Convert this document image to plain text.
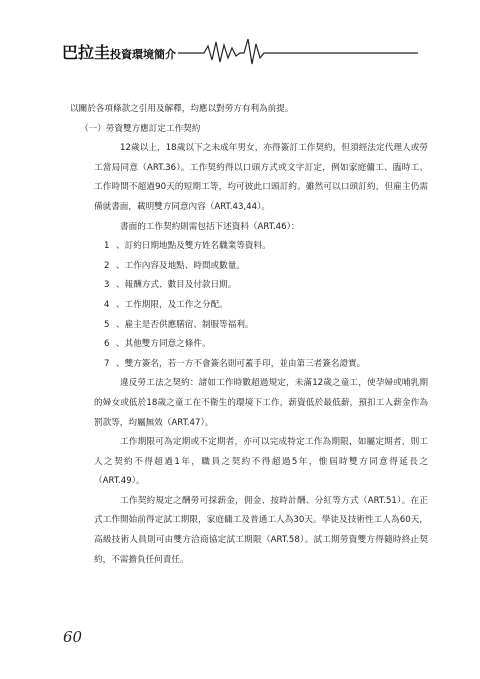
巴拉圭投資環境簡介

以關於各項條款之引用及解釋，均應以對勞方有利為前提。

（一）勞資雙方應訂定工作契約

12歲以上，18歲以下之未成年男女，亦得簽訂工作契約，但須經法定代理人或勞工當局同意（ART.36）。工作契約得以口頭方式或文字訂定，例如家庭傭工、臨時工、工作時間不超過90天的短期工等，均可彼此口頭訂約。雖然可以口頭訂約，但雇主仍需備就書面，載明雙方同意內容（ART.43,44）。

書面的工作契約則需包括下述資料（ART.46）：

1 、訂約日期地點及雙方姓名職業等資料。

2 、工作內容及地點、時間或數量。

3 、報酬方式、數目及付款日期。

4 、工作期限，及工作之分配。

5 、雇主是否供應膳宿、制服等福利。

6 、其他雙方同意之條件。

7 、雙方簽名，若一方不會簽名則可蓋手印，並由第三者簽名證實。

違反勞工法之契約：諸如工作時數超過規定，未滿12歲之童工，使孕婦或哺乳期的婦女或低於18歲之童工在不衛生的環境下工作，薪資低於最低薪，預扣工人薪金作為罰款等，均屬無效（ART.47）。

工作期限可為定期或不定期者，亦可以完成特定工作為期限，如屬定期者，則工人之契約不得超過1年，職員之契約不得超過5年，惟屆時雙方同意得延長之（ART.49）。

工作契約規定之酬勞可採薪金，佣金、按時計酬、分紅等方式（ART.51）。在正式工作開始前得定試工期限，家庭傭工及普通工人為30天。學徒及技術性工人為60天，高級技術人員則可由雙方洽商協定試工期限（ART.58）。試工期勞資雙方得隨時終止契約，不需擔負任何責任。

60
